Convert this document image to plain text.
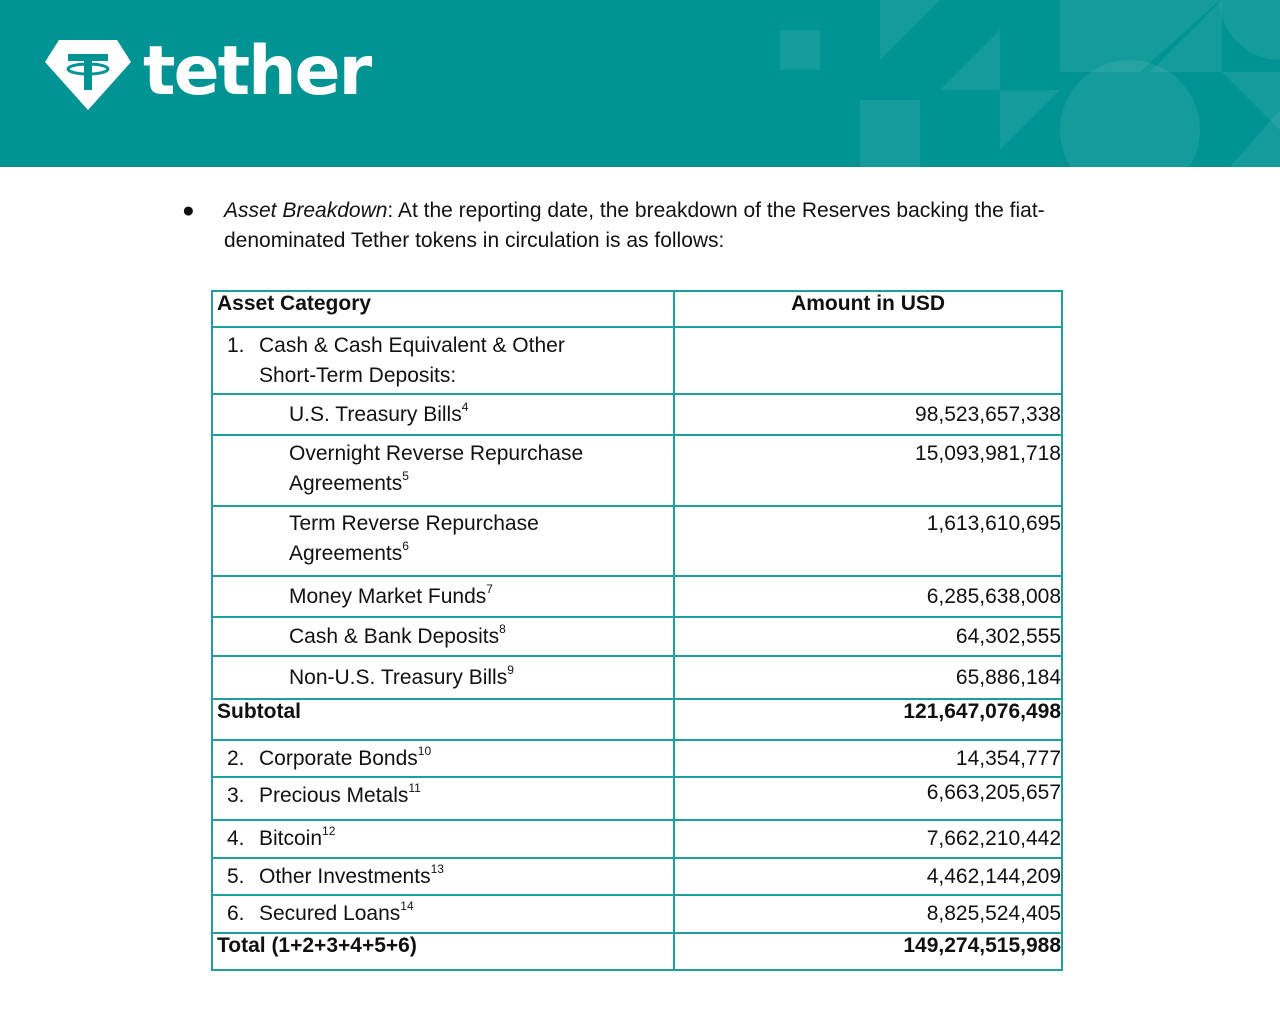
tether
● Asset Breakdown: At the reporting date, the breakdown of the Reserves backing the fiat-denominated Tether tokens in circulation is as follows:
Asset Category	Amount in USD

1. Cash & Cash Equivalent & Other
Short-Term Deposits:	

U.S. Treasury Bills$^4$	98,523,657,338

Overnight Reverse Repurchase
Agreements$^5$	15,093,981,718

Term Reverse Repurchase
Agreements$^6$	1,613,610,695
Money Market Funds$^7$	6,285,638,008
Cash & Bank Deposits$^8$	64,302,555
Non-U.S. Treasury Bills$^9$	65,886,184
Subtotal	121,647,076,498
2. Corporate Bonds$^{10}$	14,354,777
3. Precious Metals$^{11}$	6,663,205,657
4. Bitcoin$^{12}$	7,662,210,442
5. Other Investments$^{13}$	4,462,144,209
6. Secured Loans$^{14}$	8,825,524,405
Total (1+2+3+4+5+6)	149,274,515,988
